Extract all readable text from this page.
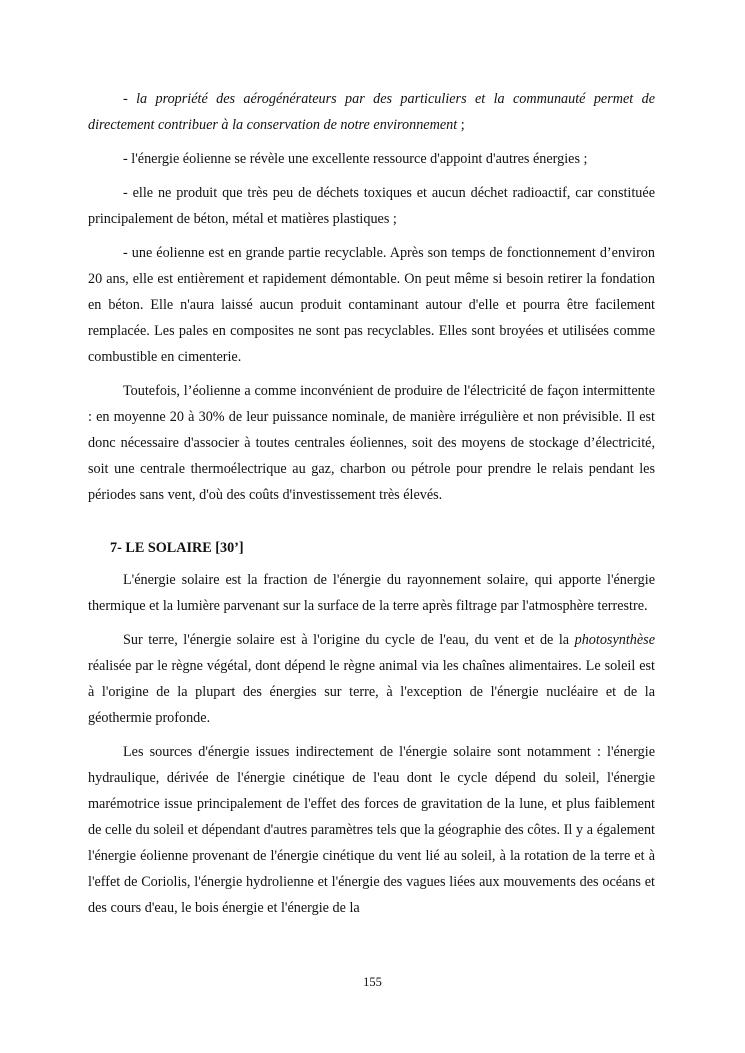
- la propriété des aérogénérateurs par des particuliers et la communauté permet de directement contribuer à la conservation de notre environnement ;

- l'énergie éolienne se révèle une excellente ressource d'appoint d'autres énergies ;

- elle ne produit que très peu de déchets toxiques et aucun déchet radioactif, car constituée principalement de béton, métal et matières plastiques ;

- une éolienne est en grande partie recyclable. Après son temps de fonctionnement d’environ 20 ans, elle est entièrement et rapidement démontable. On peut même si besoin retirer la fondation en béton. Elle n'aura laissé aucun produit contaminant autour d'elle et pourra être facilement remplacée. Les pales en composites ne sont pas recyclables. Elles sont broyées et utilisées comme combustible en cimenterie.

Toutefois, l’éolienne a comme inconvénient de produire de l'électricité de façon intermittente : en moyenne 20 à 30% de leur puissance nominale, de manière irrégulière et non prévisible. Il est donc nécessaire d'associer à toutes centrales éoliennes, soit des moyens de stockage d’électricité, soit une centrale thermoélectrique au gaz, charbon ou pétrole pour prendre le relais pendant les périodes sans vent, d'où des coûts d'investissement très élevés.

7- LE SOLAIRE [30’]

L'énergie solaire est la fraction de l'énergie du rayonnement solaire, qui apporte l'énergie thermique et la lumière parvenant sur la surface de la terre après filtrage par l'atmosphère terrestre.

Sur terre, l'énergie solaire est à l'origine du cycle de l'eau, du vent et de la photosynthèse réalisée par le règne végétal, dont dépend le règne animal via les chaînes alimentaires. Le soleil est à l'origine de la plupart des énergies sur terre, à l'exception de l'énergie nucléaire et de la géothermie profonde.

Les sources d'énergie issues indirectement de l'énergie solaire sont notamment : l'énergie hydraulique, dérivée de l'énergie cinétique de l'eau dont le cycle dépend du soleil, l'énergie marémotrice issue principalement de l'effet des forces de gravitation de la lune, et plus faiblement de celle du soleil et dépendant d'autres paramètres tels que la géographie des côtes. Il y a également l'énergie éolienne provenant de l'énergie cinétique du vent lié au soleil, à la rotation de la terre et à l'effet de Coriolis, l'énergie hydrolienne et l'énergie des vagues liées aux mouvements des océans et des cours d'eau, le bois énergie et l'énergie de la

155
